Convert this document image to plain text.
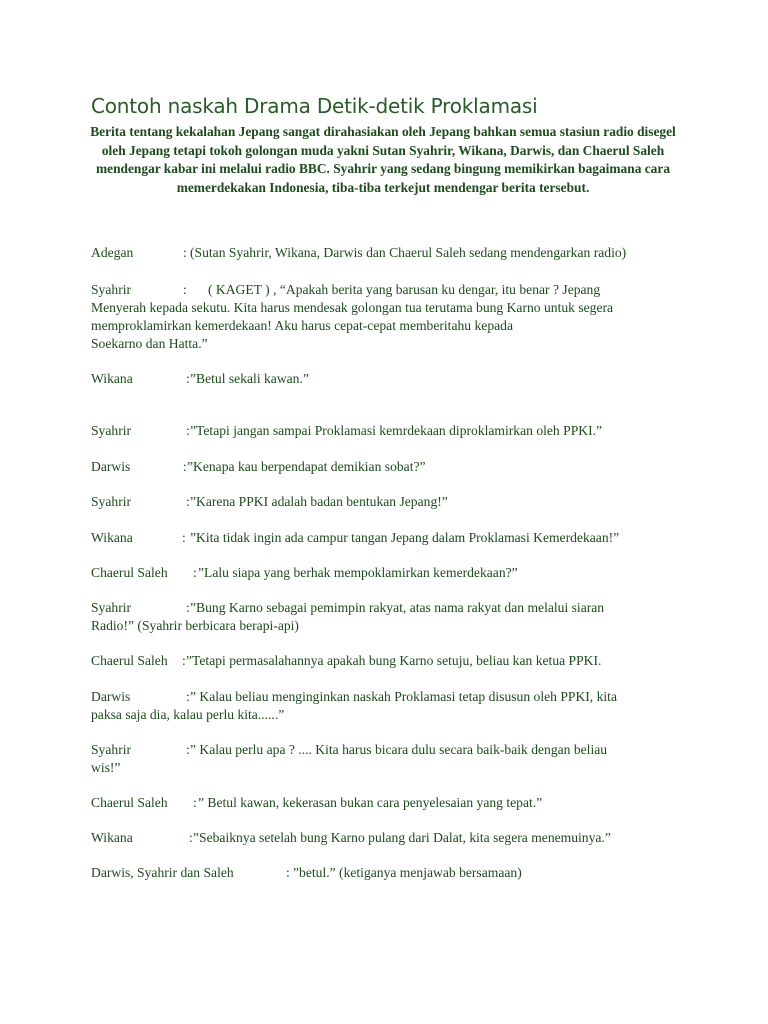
Contoh naskah Drama Detik-detik Proklamasi
Berita tentang kekalahan Jepang sangat dirahasiakan oleh Jepang bahkan semua stasiun radio disegel oleh Jepang tetapi tokoh golongan muda yakni Sutan Syahrir, Wikana, Darwis, dan Chaerul Saleh mendengar kabar ini melalui radio BBC. Syahrir yang sedang bingung memikirkan bagaimana cara memerdekakan Indonesia, tiba-tiba terkejut mendengar berita tersebut.
Adegan	: (Sutan Syahrir, Wikana, Darwis dan Chaerul Saleh sedang mendengarkan radio)
Syahrir	: ( KAGET ) , “Apakah berita yang barusan ku dengar, itu benar ? Jepang
Menyerah kepada sekutu. Kita harus mendesak golongan tua terutama bung Karno untuk segera
memproklamirkan kemerdekaan! Aku harus cepat-cepat memberitahu kepada
Soekarno dan Hatta.”
Wikana	: ”Betul sekali kawan.”
Syahrir	: ”Tetapi jangan sampai Proklamasi kemrdekaan diproklamirkan oleh PPKI.”
Darwis	: ”Kenapa kau berpendapat demikian sobat?”
Syahrir	: ”Karena PPKI adalah badan bentukan Jepang!”
Wikana	: ”Kita tidak ingin ada campur tangan Jepang dalam Proklamasi Kemerdekaan!”
Chaerul Saleh : ”Lalu siapa yang berhak mempoklamirkan kemerdekaan?”
Syahrir	: ”Bung Karno sebagai pemimpin rakyat, atas nama rakyat dan melalui siaran
Radio!” (Syahrir berbicara berapi-api)
Chaerul Saleh : ”Tetapi permasalahannya apakah bung Karno setuju, beliau kan ketua PPKI.
Darwis	: ” Kalau beliau menginginkan naskah Proklamasi tetap disusun oleh PPKI, kita
paksa saja dia, kalau perlu kita......”
Syahrir	: ” Kalau perlu apa ? .... Kita harus bicara dulu secara baik-baik dengan beliau
wis!”
Chaerul Saleh : ” Betul kawan, kekerasan bukan cara penyelesaian yang tepat.”
Wikana	: ”Sebaiknya setelah bung Karno pulang dari Dalat, kita segera menemuinya.”
Darwis, Syahrir dan Saleh	: ”betul.” (ketiganya menjawab bersamaan)
